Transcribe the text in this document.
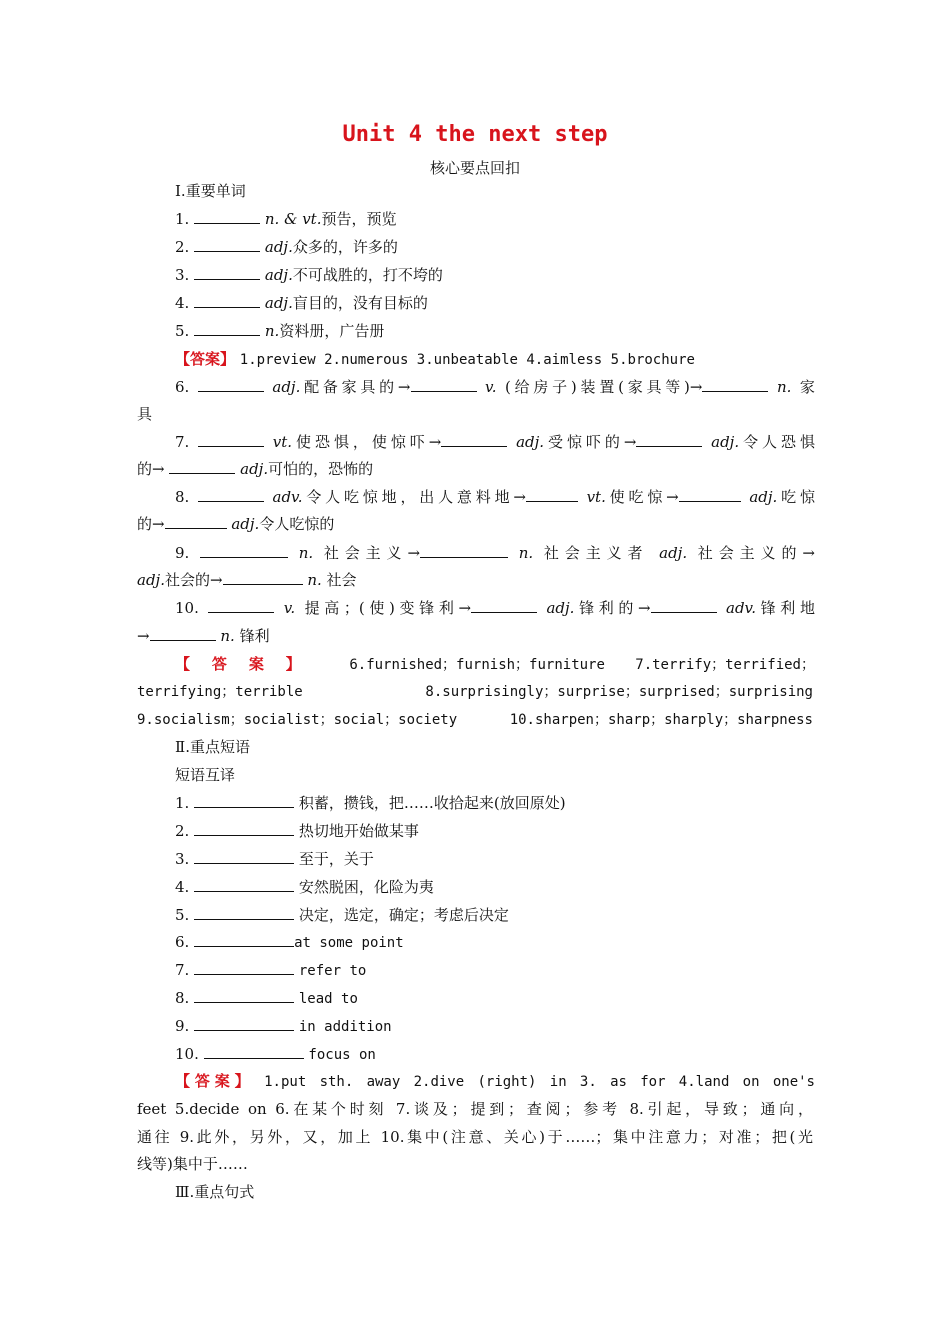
Unit 4 the next step
核心要点回扣
Ⅰ.重要单词
1.	n. & vt.预告，预览
2.	adj.众多的，许多的
3.	adj.不可战胜的，打不垮的
4.	adj.盲目的，没有目标的
5.	n.资料册，广告册
【答案】 1.preview 2.numerous 3.unbeatable 4.aimless 5.brochure
6.	adj.配备家具的→	v. (给房子)装置(家具等)→	n. 家
具
7.	vt.使恐惧，使惊吓→	adj.受惊吓的→	adj.令人恐惧
的→	adj.可怕的，恐怖的
8.	adv.令人吃惊地，出人意料地→	vt.使吃惊→	adj.吃惊
的→	adj.令人吃惊的
9.	n. 社会主义→	n. 社会主义者 adj. 社会主义的→
adj.社会的→	n. 社会
10.	v. 提高；(使)变锋利→	adj.锋利的→	adv.锋利地
→	n. 锋利
【答案】 6.furnished；furnish；furniture 7.terrify；terrified；
terrifying；terrible 8.surprisingly；surprise；surprised；surprising
9.socialism；socialist；social；society 10.sharpen；sharp；sharply；sharpness
Ⅱ.重点短语
短语互译
1.	积蓄，攒钱，把……收拾起来(放回原处)
2.	热切地开始做某事
3.	至于，关于
4.	安然脱困，化险为夷
5.	决定，选定，确定；考虑后决定
6.	at some point
7.	refer to
8.	lead to
9.	in addition
10.	focus on
【答案】 1.put sth. away 2.dive (right) in 3. as for 4.land on one's
feet 5.decide on 6.在某个时刻 7.谈及；提到；查阅；参考 8.引起，导致；通向，
通往 9.此外，另外，又，加上 10.集中(注意、关心)于……；集中注意力；对准；把(光
线等)集中于……
Ⅲ.重点句式
